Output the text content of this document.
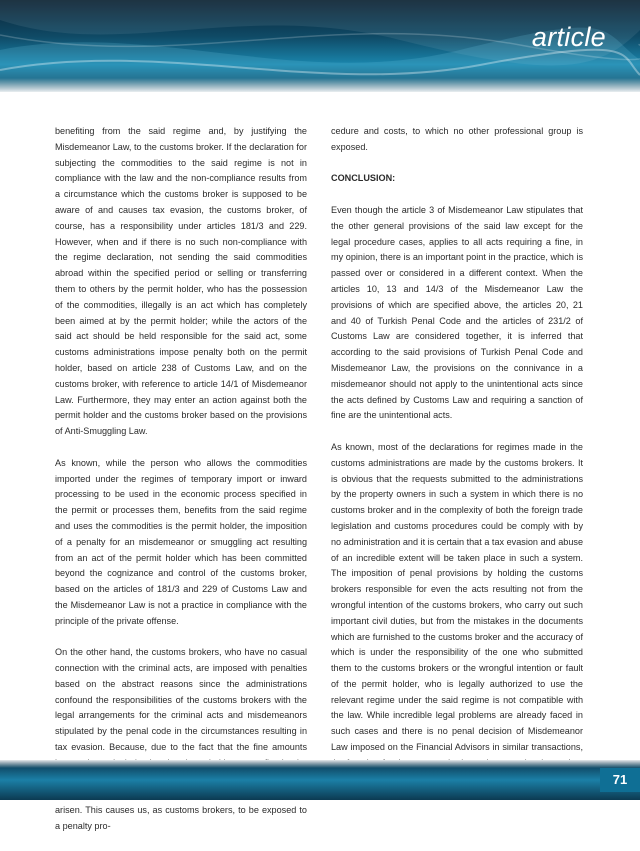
article

benefiting from the said regime and, by justifying the Misdemeanor Law, to the customs broker. If the declaration for subjecting the commodities to the said regime is not in compliance with the law and the non-compliance results from a circumstance which the customs broker is supposed to be aware of and causes tax evasion, the customs broker, of course, has a responsibility under articles 181/3 and 229. However, when and if there is no such non-compliance with the regime declaration, not sending the said commodities abroad within the specified period or selling or transferring them to others by the permit holder, who has the possession of the commodities, illegally is an act which has completely been aimed at by the permit holder; while the actors of the said act should be held responsible for the said act, some customs administrations impose penalty both on the permit holder, based on article 238 of Customs Law, and on the customs broker, with reference to article 14/1 of Misdemeanor Law. Furthermore, they may enter an action against both the permit holder and the customs broker based on the provisions of Anti-Smuggling Law.

As known, while the person who allows the commodities imported under the regimes of temporary import or inward processing to be used in the economic process specified in the permit or processes them, benefits from the said regime and uses the commodities is the permit holder, the imposition of a penalty for an misdemeanor or smuggling act resulting from an act of the permit holder which has been committed beyond the cognizance and control of the customs broker, based on the articles of 181/3 and 229 of Customs Law and the Misdemeanor Law is not a practice in compliance with the principle of the private offense.

On the other hand, the customs brokers, who have no casual connection with the criminal acts, are imposed with penalties based on the abstract reasons since the administrations confound the responsibilities of the customs brokers with the legal arrangements for the criminal acts and misdemeanors stipulated by the penal code in the circumstances resulting in tax evasion. Because, due to the fact that the fine amounts arisen. This causes us, as customs brokers, to be exposed to a penalty pro-

cedure and costs, to which no other professional group is exposed.

CONCLUSION:

Even though the article 3 of Misdemeanor Law stipulates that the other general provisions of the said law except for the legal procedure cases, applies to all acts requiring a fine, in my opinion, there is an important point in the practice, which is passed over or considered in a different context. When the articles 10, 13 and 14/3 of the Misdemeanor Law the provisions of which are specified above, the articles 20, 21 and 40 of Turkish Penal Code and the articles of 231/2 of Customs Law are considered together, it is inferred that according to the said provisions of Turkish Penal Code and Misdemeanor Law, the provisions on the connivance in a misdemeanor should not apply to the unintentional acts since the acts defined by Customs Law and requiring a sanction of fine are the unintentional acts.

As known, most of the declarations for regimes made in the customs administrations are made by the customs brokers. It is obvious that the requests submitted to the administrations by the property owners in such a system in which there is no customs broker and in the complexity of both the foreign trade legislation and customs procedures could be comply with by no administration and it is certain that a tax evasion and abuse of an incredible extent will be taken place in such a system. The imposition of penal provisions by holding the customs brokers responsible for even the acts resulting not from the wrongful intention of the customs brokers, who carry out such important civil duties, but from the mistakes in the documents which are furnished to the customs broker and the accuracy of which is under the responsibility of the one who submitted them to the customs brokers or the wrongful intention or fault of the permit holder, who is legally authorized to use the relevant regime under the said regime is not compatible with the law. While incredible legal problems are already faced in such cases and there is no penal decision of Misdemeanor Law imposed on the Financial Advisors in similar transactions,

71
